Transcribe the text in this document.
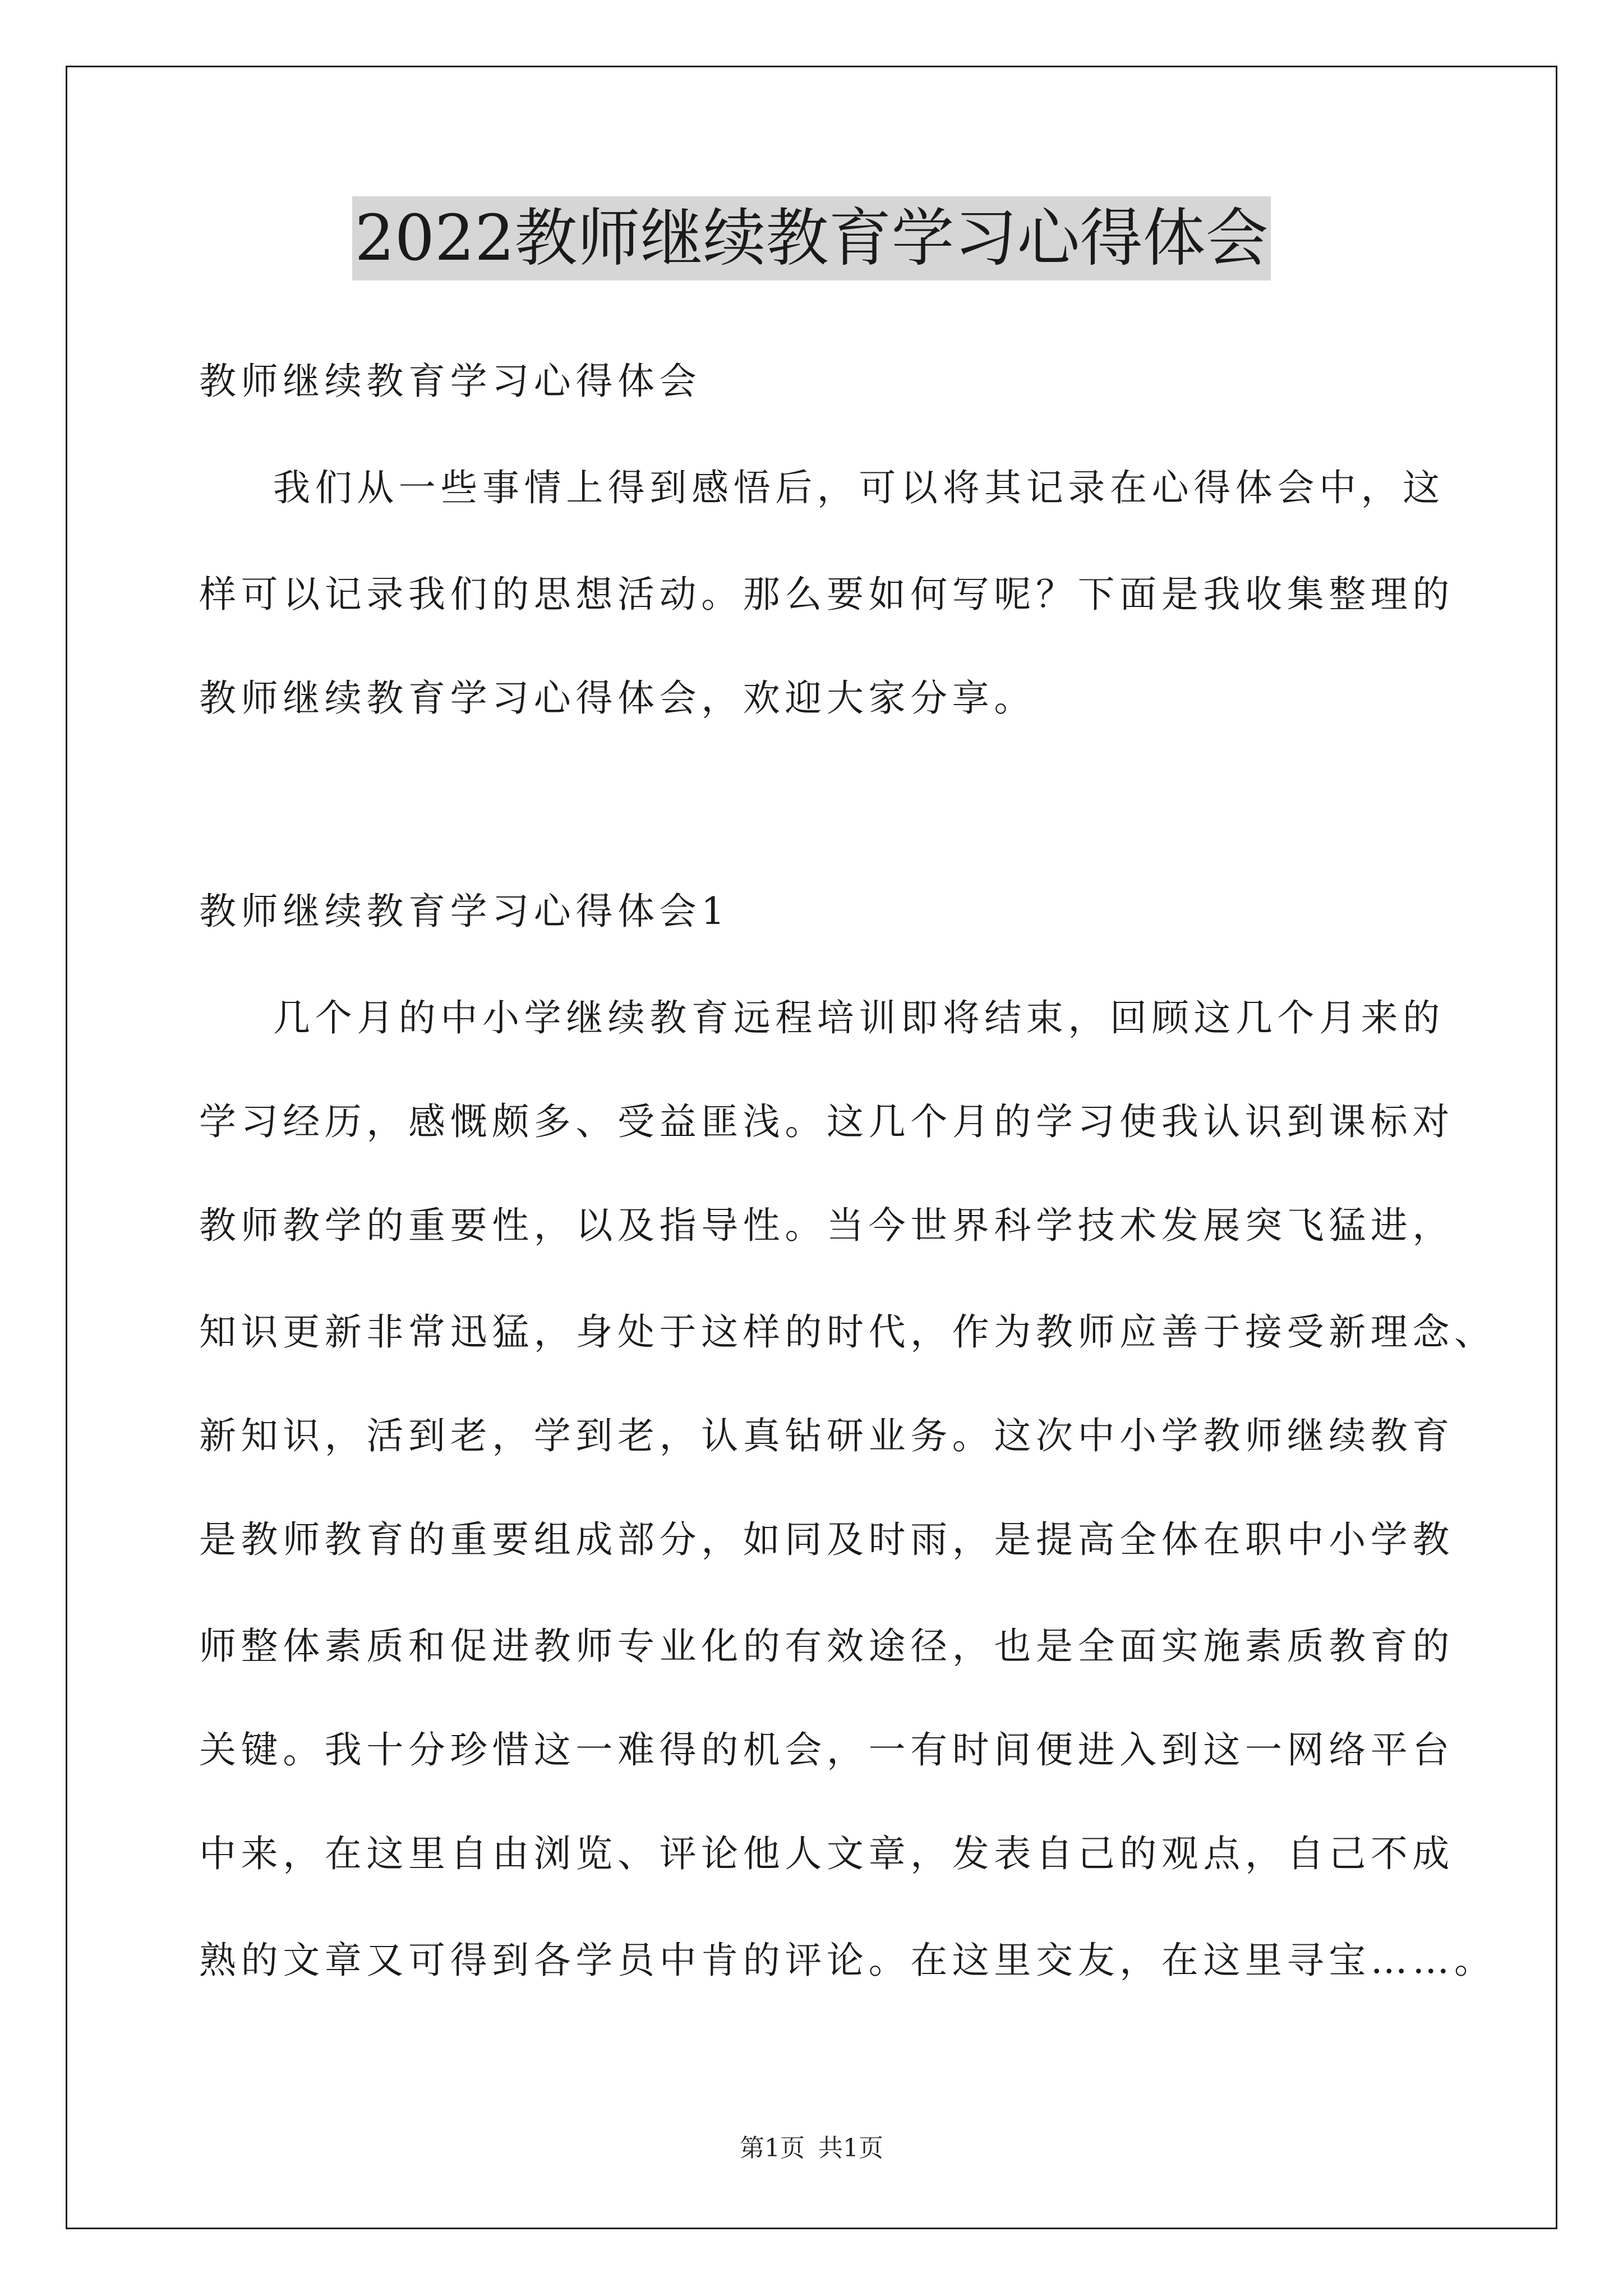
2022教师继续教育学习心得体会
教师继续教育学习心得体会
我们从一些事情上得到感悟后，可以将其记录在心得体会中，这
样可以记录我们的思想活动。那么要如何写呢？下面是我收集整理的
教师继续教育学习心得体会，欢迎大家分享。
教师继续教育学习心得体会1
几个月的中小学继续教育远程培训即将结束，回顾这几个月来的
学习经历，感慨颇多、受益匪浅。这几个月的学习使我认识到课标对
教师教学的重要性，以及指导性。当今世界科学技术发展突飞猛进，
知识更新非常迅猛，身处于这样的时代，作为教师应善于接受新理念、
新知识，活到老，学到老，认真钻研业务。这次中小学教师继续教育
是教师教育的重要组成部分，如同及时雨，是提高全体在职中小学教
师整体素质和促进教师专业化的有效途径，也是全面实施素质教育的
关键。我十分珍惜这一难得的机会，一有时间便进入到这一网络平台
中来，在这里自由浏览、评论他人文章，发表自己的观点，自己不成
熟的文章又可得到各学员中肯的评论。在这里交友，在这里寻宝……。
第1页 共1页
